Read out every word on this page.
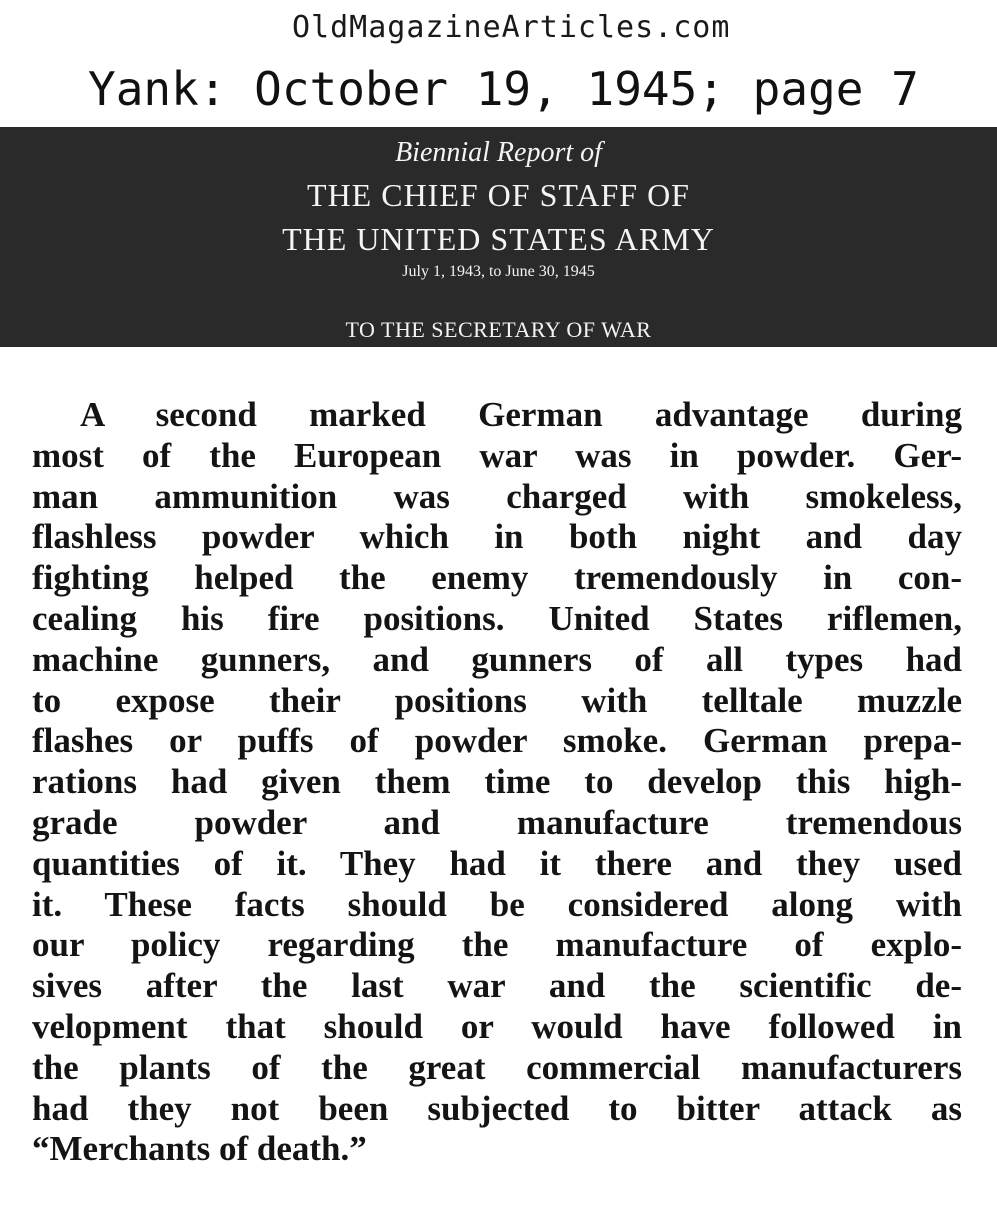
OldMagazineArticles.com
Yank: October 19, 1945; page 7
Biennial Report of
THE CHIEF OF STAFF OF
THE UNITED STATES ARMY
July 1, 1943, to June 30, 1945
TO THE SECRETARY OF WAR
A second marked German advantage during
most of the European war was in powder. Ger-
man ammunition was charged with smokeless,
flashless powder which in both night and day
fighting helped the enemy tremendously in con-
cealing his fire positions. United States riflemen,
machine gunners, and gunners of all types had
to expose their positions with telltale muzzle
flashes or puffs of powder smoke. German prepa-
rations had given them time to develop this high-
grade powder and manufacture tremendous
quantities of it. They had it there and they used
it. These facts should be considered along with
our policy regarding the manufacture of explo-
sives after the last war and the scientific de-
velopment that should or would have followed in
the plants of the great commercial manufacturers
had they not been subjected to bitter attack as
“Merchants of death.”
